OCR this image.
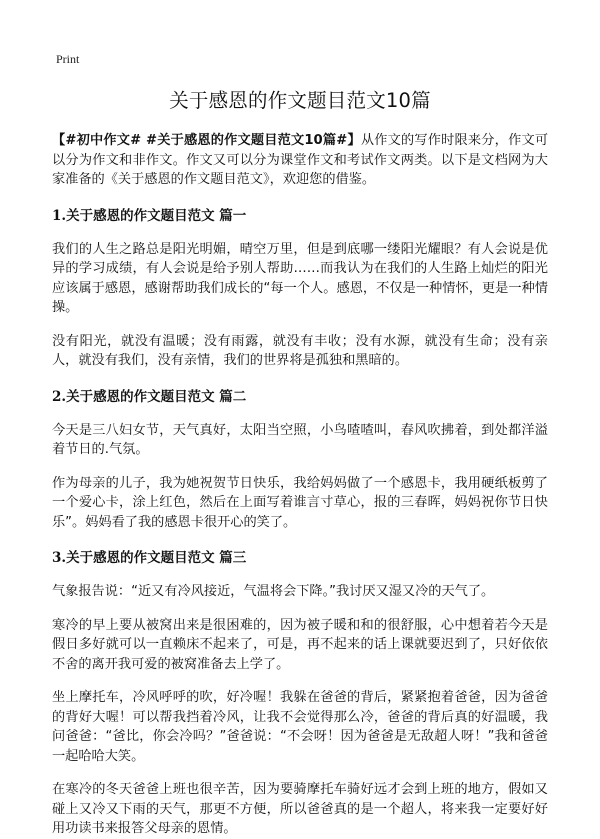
Print
关于感恩的作文题目范文10篇

【#初中作文# #关于感恩的作文题目范文10篇#】从作文的写作时限来分，作文可以分为作文和非作文。作文又可以分为课堂作文和考试作文两类。以下是文档网为大家准备的《关于感恩的作文题目范文》，欢迎您的借鉴。

1.关于感恩的作文题目范文 篇一

我们的人生之路总是阳光明媚，晴空万里，但是到底哪一缕阳光耀眼？有人会说是优异的学习成绩，有人会说是给予别人帮助……而我认为在我们的人生路上灿烂的阳光应该属于感恩，感谢帮助我们成长的“每一个人。感恩，不仅是一种情怀，更是一种情操。

没有阳光，就没有温暖；没有雨露，就没有丰收；没有水源，就没有生命；没有亲人，就没有我们，没有亲情，我们的世界将是孤独和黑暗的。

2.关于感恩的作文题目范文 篇二

今天是三八妇女节，天气真好，太阳当空照，小鸟喳喳叫，春风吹拂着，到处都洋溢着节日的.气氛。

作为母亲的儿子，我为她祝贺节日快乐，我给妈妈做了一个感恩卡，我用硬纸板剪了一个爱心卡，涂上红色，然后在上面写着谁言寸草心，报的三春晖，妈妈祝你节日快乐”。妈妈看了我的感恩卡很开心的笑了。

3.关于感恩的作文题目范文 篇三

气象报告说：“近又有冷风接近，气温将会下降。”我讨厌又湿又冷的天气了。

寒冷的早上要从被窝出来是很困难的，因为被子暖和和的很舒服，心中想着若今天是假日多好就可以一直赖床不起来了，可是，再不起来的话上课就要迟到了，只好依依不舍的离开我可爱的被窝准备去上学了。

坐上摩托车，冷风呼呼的吹，好冷喔！我躲在爸爸的背后，紧紧抱着爸爸，因为爸爸的背好大喔！可以帮我挡着冷风，让我不会觉得那么冷，爸爸的背后真的好温暖，我问爸爸：“爸比，你会冷吗？”爸爸说：“不会呀！因为爸爸是无敌超人呀！”我和爸爸一起哈哈大笑。

在寒冷的冬天爸爸上班也很辛苦，因为要骑摩托车骑好远才会到上班的地方，假如又碰上又冷又下雨的天气，那更不方便，所以爸爸真的是一个超人，将来我一定要好好用功读书来报答父母亲的恩情。
